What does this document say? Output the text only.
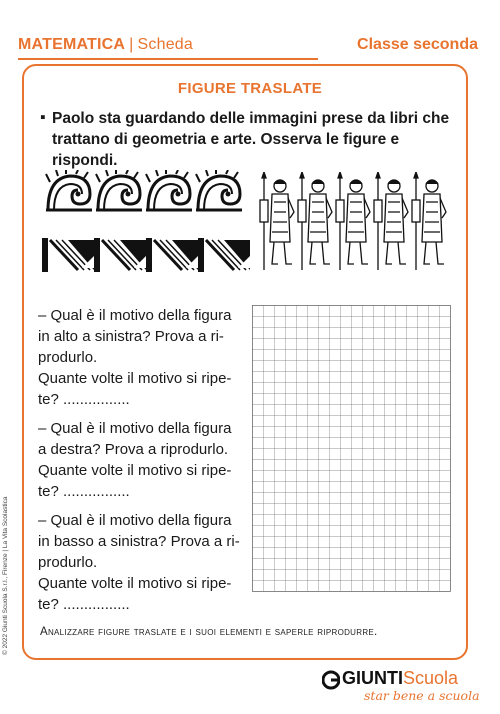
MATEMATICA | Scheda	Classe seconda
FIGURE TRASLATE
▪ Paolo sta guardando delle immagini prese da libri che trattano di geometria e arte. Osserva le figure e rispondi.
– Qual è il motivo della figura
in alto a sinistra? Prova a ri-
produrlo.
Quante volte il motivo si ripe-
te? ................
– Qual è il motivo della figura
a destra? Prova a riprodurlo.
Quante volte il motivo si ripe-
te? ................
– Qual è il motivo della figura
in basso a sinistra? Prova a ri-
produrlo.
Quante volte il motivo si ripe-
te? ................
Analizzare figure traslate e i suoi elementi e saperle riprodurre.
© 2022 Giunti Scuola S.r.l., Firenze | La Vita Scolastica
GIUNTIScuola
star bene a scuola
